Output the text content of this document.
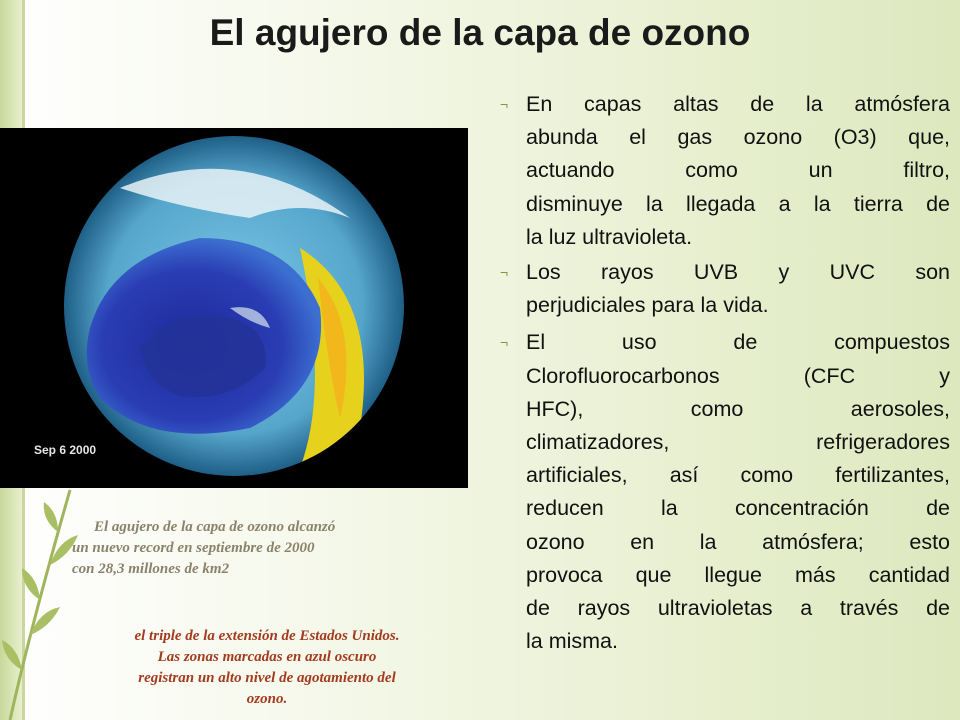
El agujero de la capa de ozono
Sep 6 2000
El agujero de la capa de ozono alcanzó
un nuevo record en septiembre de 2000
con 28,3 millones de km2
el triple de la extensión de Estados Unidos.
Las zonas marcadas en azul oscuro
registran un alto nivel de agotamiento del
ozono.
¬ En capas altas de la atmósfera
abunda el gas ozono (O3) que,
actuando como un filtro,
disminuye la llegada a la tierra de
la luz ultravioleta.
¬ Los rayos UVB y UVC son
perjudiciales para la vida.
¬ El uso de compuestos
Clorofluorocarbonos (CFC y
HFC), como aerosoles,
climatizadores, refrigeradores
artificiales, así como fertilizantes,
reducen la concentración de
ozono en la atmósfera; esto
provoca que llegue más cantidad
de rayos ultravioletas a través de
la misma.
